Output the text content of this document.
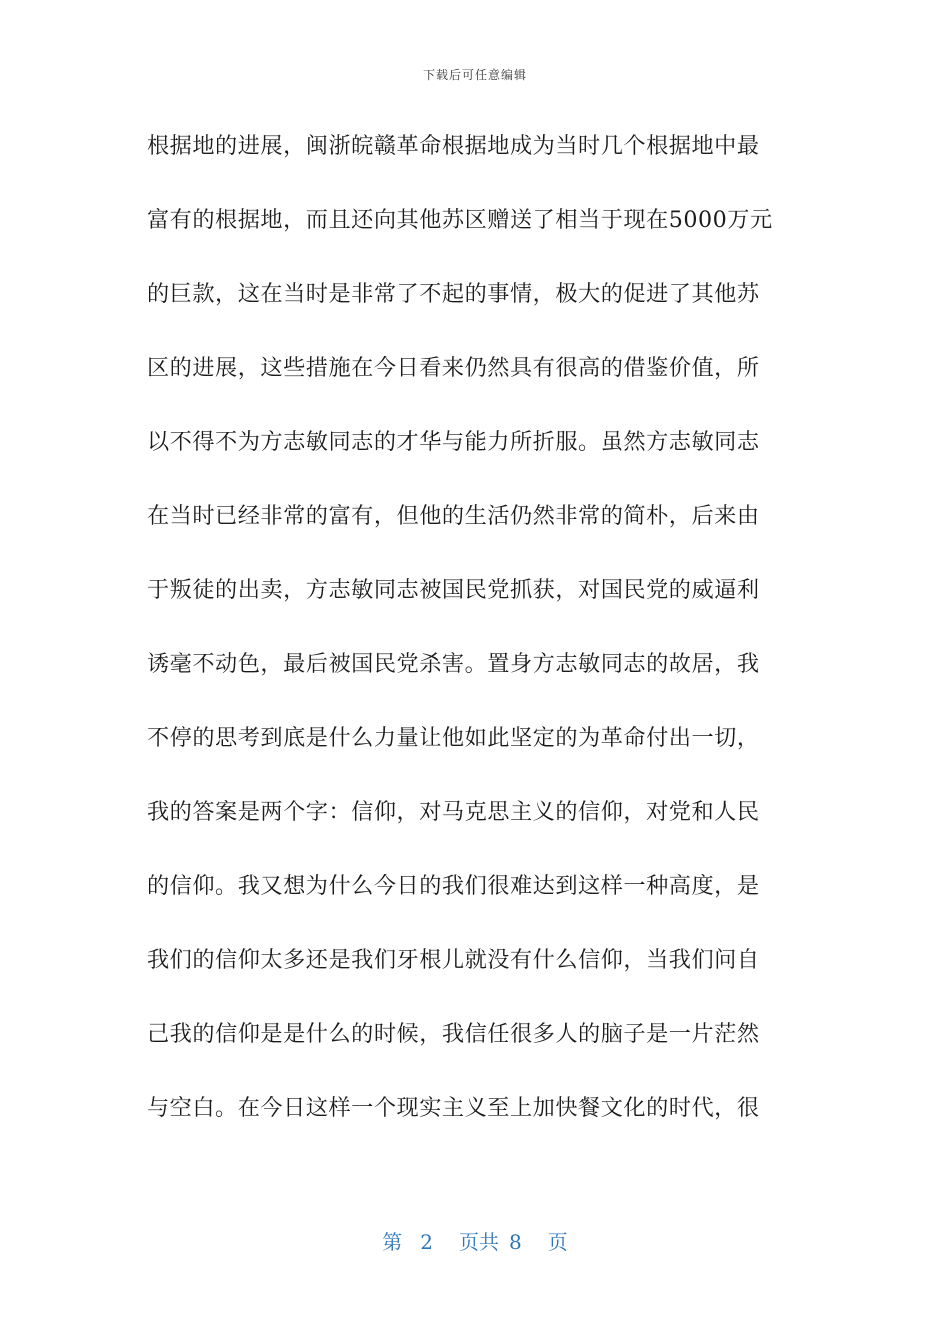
下载后可任意编辑
根据地的进展，闽浙皖赣革命根据地成为当时几个根据地中最
富有的根据地，而且还向其他苏区赠送了相当于现在5000万元
的巨款，这在当时是非常了不起的事情，极大的促进了其他苏
区的进展，这些措施在今日看来仍然具有很高的借鉴价值，所
以不得不为方志敏同志的才华与能力所折服。虽然方志敏同志
在当时已经非常的富有，但他的生活仍然非常的简朴，后来由
于叛徒的出卖，方志敏同志被国民党抓获，对国民党的威逼利
诱毫不动色，最后被国民党杀害。置身方志敏同志的故居，我
不停的思考到底是什么力量让他如此坚定的为革命付出一切，
我的答案是两个字：信仰，对马克思主义的信仰，对党和人民
的信仰。我又想为什么今日的我们很难达到这样一种高度，是
我们的信仰太多还是我们牙根儿就没有什么信仰，当我们问自
己我的信仰是是什么的时候，我信任很多人的脑子是一片茫然
与空白。在今日这样一个现实主义至上加快餐文化的时代，很
第 2 页共 8 页
